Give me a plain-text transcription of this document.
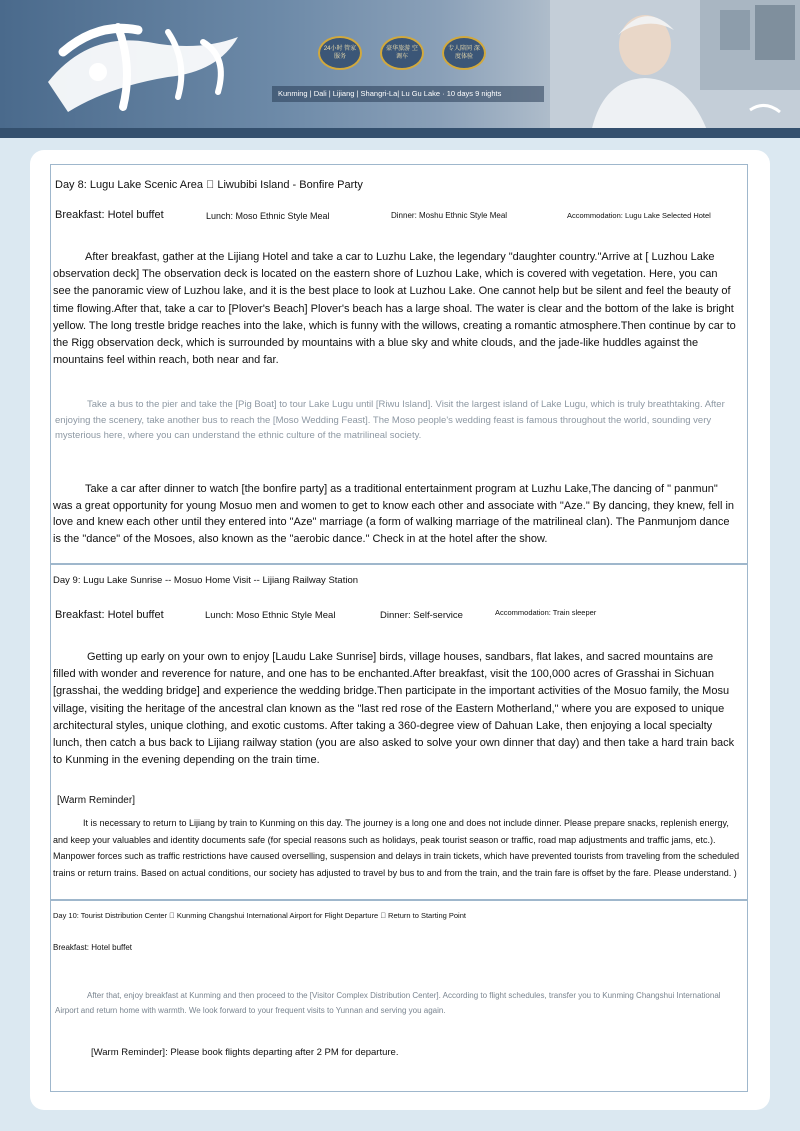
24小时 管家服务
豪华旅游 空调车
专人陪同 深度体验
Kunming | Dali | Lijiang | Shangri-La| Lu Gu Lake · 10 days 9 nights
Day 8: Lugu Lake Scenic Area   Liwubibi Island - Bonfire Party
Breakfast: Hotel buffet	Lunch: Moso Ethnic Style Meal	Dinner: Moshu Ethnic Style Meal	Accommodation: Lugu Lake Selected Hotel
After breakfast, gather at the Lijiang Hotel and take a car to Luzhu Lake, the legendary "daughter country."Arrive at [ Luzhou Lake observation deck] The observation deck is located on the eastern shore of Luzhou Lake, which is covered with vegetation. Here, you can see the panoramic view of Luzhou lake, and it is the best place to look at Luzhou Lake. One cannot help but be silent and feel the beauty of time flowing.After that, take a car to [Plover's Beach] Plover's beach has a large shoal. The water is clear and the bottom of the lake is bright yellow. The long trestle bridge reaches into the lake, which is funny with the willows, creating a romantic atmosphere.Then continue by car to the Rigg observation deck, which is surrounded by mountains with a blue sky and white clouds, and the jade-like huddles against the mountains feel within reach, both near and far.
Take a bus to the pier and take the [Pig Boat] to tour Lake Lugu until [Riwu Island]. Visit the largest island of Lake Lugu, which is truly breathtaking. After enjoying the scenery, take another bus to reach the [Moso Wedding Feast]. The Moso people's wedding feast is famous throughout the world, sounding very mysterious here, where you can understand the ethnic culture of the matrilineal society.
Take a car after dinner to watch [the bonfire party] as a traditional entertainment program at Luzhu Lake,The dancing of " panmun" was a great opportunity for young Mosuo men and women to get to know each other and associate with "Aze." By dancing, they knew, fell in love and knew each other until they entered into "Aze" marriage (a form of walking marriage of the matrilineal clan). The Panmunjom dance is the "dance" of the Mosoes, also known as the "aerobic dance." Check in at the hotel after the show.
Day 9: Lugu Lake Sunrise -- Mosuo Home Visit -- Lijiang Railway Station
Breakfast: Hotel buffet	Lunch: Moso Ethnic Style Meal	Dinner: Self-service	Accommodation: Train sleeper
Getting up early on your own to enjoy [Laudu Lake Sunrise] birds, village houses, sandbars, flat lakes, and sacred mountains are filled with wonder and reverence for nature, and one has to be enchanted.After breakfast, visit the 100,000 acres of Grasshai in Sichuan [grasshai, the wedding bridge] and experience the wedding bridge.Then participate in the important activities of the Mosuo family, the Mosu village, visiting the heritage of the ancestral clan known as the "last red rose of the Eastern Motherland," where you are exposed to unique architectural styles, unique clothing, and exotic customs. After taking a 360-degree view of Dahuan Lake, then enjoying a local specialty lunch, then catch a bus back to Lijiang railway station (you are also asked to solve your own dinner that day) and then take a hard train back to Kunming in the evening depending on the train time.
[Warm Reminder]
It is necessary to return to Lijiang by train to Kunming on this day. The journey is a long one and does not include dinner. Please prepare snacks, replenish energy, and keep your valuables and identity documents safe (for special reasons such as holidays, peak tourist season or traffic, road map adjustments and traffic jams, etc.). Manpower forces such as traffic restrictions have caused overselling, suspension and delays in train tickets, which have prevented tourists from traveling from the scheduled trains or return trains. Based on actual conditions, our society has adjusted to travel by bus to and from the train, and the train fare is offset by the fare. Please understand. )
Day 10: Tourist Distribution Center   Kunming Changshui International Airport for Flight Departure   Return to Starting Point
Breakfast: Hotel buffet
After that, enjoy breakfast at Kunming and then proceed to the [Visitor Complex Distribution Center]. According to flight schedules, transfer you to Kunming Changshui International Airport and return home with warmth. We look forward to your frequent visits to Yunnan and serving you again.
[Warm Reminder]: Please book flights departing after 2 PM for departure.
